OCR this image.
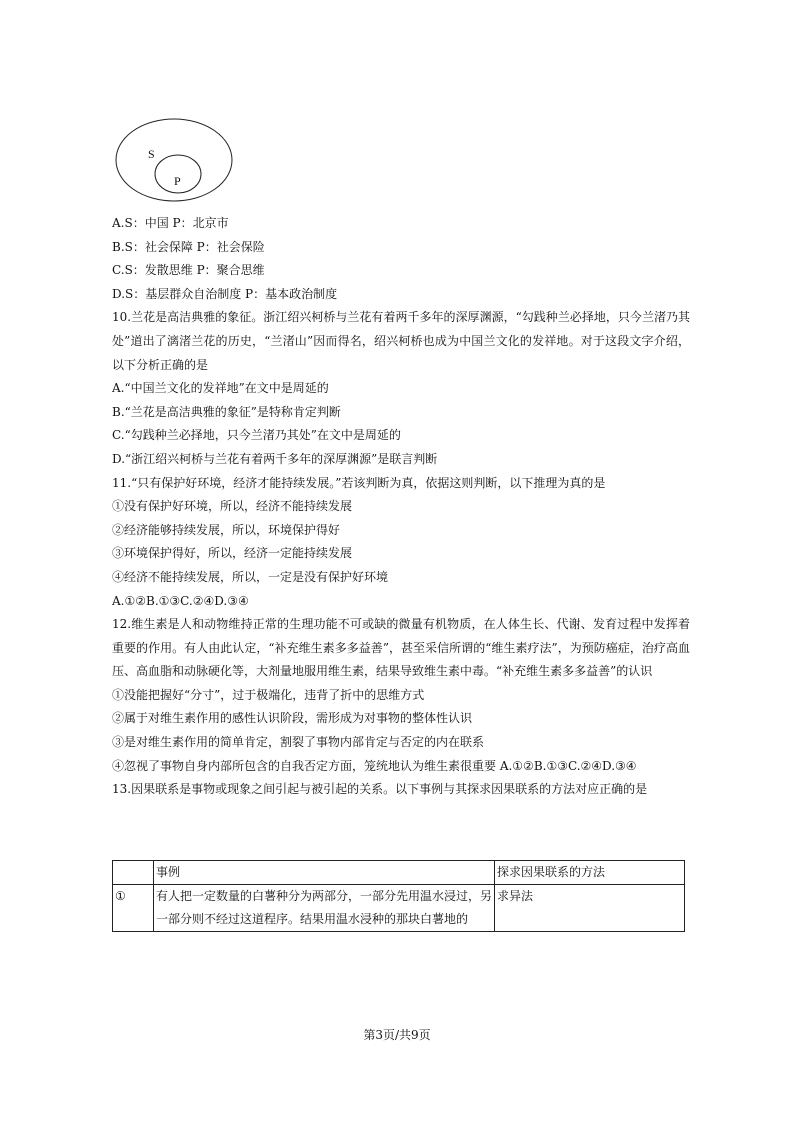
S
P
A.S：中国 P：北京市
B.S：社会保障 P：社会保险
C.S：发散思维 P：聚合思维
D.S：基层群众自治制度 P：基本政治制度
10.兰花是高洁典雅的象征。浙江绍兴柯桥与兰花有着两千多年的深厚渊源，“勾践种兰必择地，只今兰渚乃其处”道出了漓渚兰花的历史，“兰渚山”因而得名，绍兴柯桥也成为中国兰文化的发祥地。对于这段文字介绍，以下分析正确的是
A.“中国兰文化的发祥地”在文中是周延的
B.“兰花是高洁典雅的象征”是特称肯定判断
C.“勾践种兰必择地，只今兰渚乃其处”在文中是周延的
D.“浙江绍兴柯桥与兰花有着两千多年的深厚渊源”是联言判断
11.“只有保护好环境，经济才能持续发展。”若该判断为真，依据这则判断，以下推理为真的是
①没有保护好环境，所以，经济不能持续发展
②经济能够持续发展，所以，环境保护得好
③环境保护得好，所以，经济一定能持续发展
④经济不能持续发展，所以，一定是没有保护好环境
A.①②B.①③C.②④D.③④
12.维生素是人和动物维持正常的生理功能不可或缺的微量有机物质，在人体生长、代谢、发育过程中发挥着重要的作用。有人由此认定，“补充维生素多多益善”，甚至采信所谓的“维生素疗法”，为预防癌症，治疗高血压、高血脂和动脉硬化等，大剂量地服用维生素，结果导致维生素中毒。“补充维生素多多益善”的认识
①没能把握好“分寸”，过于极端化，违背了折中的思维方式
②属于对维生素作用的感性认识阶段，需形成为对事物的整体性认识
③是对维生素作用的简单肯定，割裂了事物内部肯定与否定的内在联系
④忽视了事物自身内部所包含的自我否定方面，笼统地认为维生素很重要 A.①②B.①③C.②④D.③④
13.因果联系是事物或现象之间引起与被引起的关系。以下事例与其探求因果联系的方法对应正确的是
	事例	探求因果联系的方法
①	有人把一定数量的白薯种分为两部分，一部分先用温水浸过，另一部分则不经过这道程序。结果用温水浸种的那块白薯地的	求异法
第3页/共9页
